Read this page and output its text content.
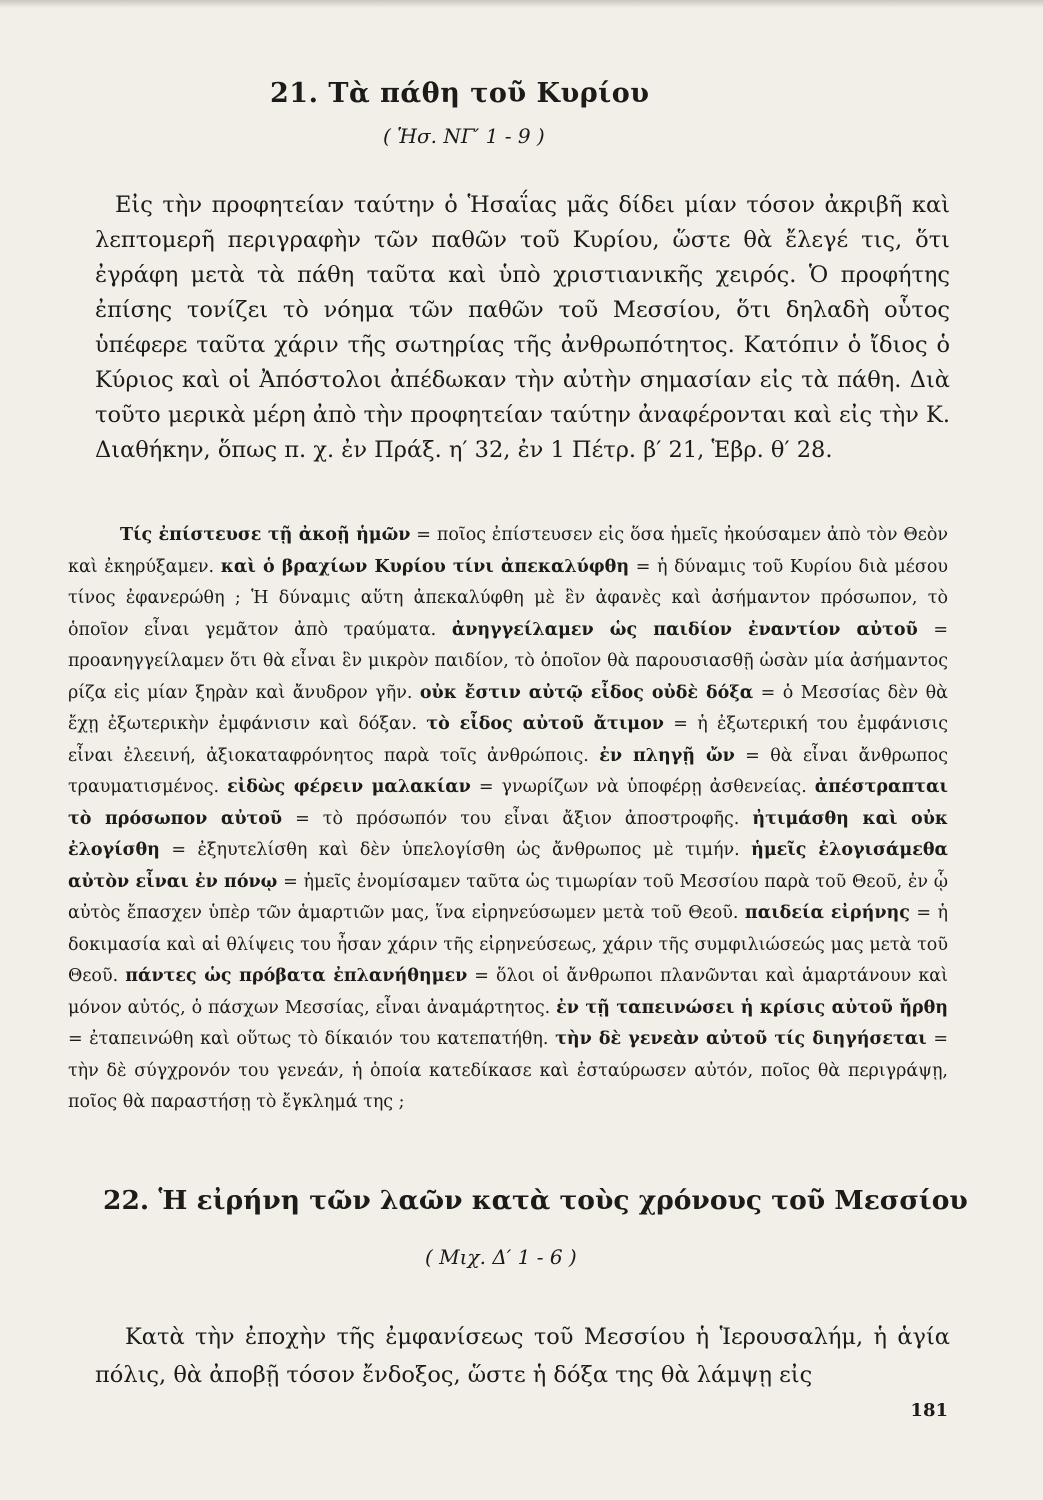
21. Τὰ πάθη τοῦ Κυρίου
( Ἡσ. ΝΓ′ 1 - 9 )

Εἰς τὴν προφητείαν ταύτην ὁ Ἡσαΐας μᾶς δίδει μίαν τόσον ἀκριβῆ καὶ λεπτομερῆ περιγραφὴν τῶν παθῶν τοῦ Κυρίου, ὥστε θὰ ἔλεγέ τις, ὅτι ἐγράφη μετὰ τὰ πάθη ταῦτα καὶ ὑπὸ χριστιανικῆς χειρός. Ὁ προφήτης ἐπίσης τονίζει τὸ νόημα τῶν παθῶν τοῦ Μεσσίου, ὅτι δηλαδὴ οὗτος ὑπέφερε ταῦτα χάριν τῆς σωτηρίας τῆς ἀνθρωπότητος. Κατόπιν ὁ ἴδιος ὁ Κύριος καὶ οἱ Ἀπόστολοι ἀπέδωκαν τὴν αὐτὴν σημασίαν εἰς τὰ πάθη. Διὰ τοῦτο μερικὰ μέρη ἀπὸ τὴν προφητείαν ταύτην ἀναφέρονται καὶ εἰς τὴν Κ. Διαθήκην, ὅπως π. χ. ἐν Πράξ. η′ 32, ἐν 1 Πέτρ. β′ 21, Ἑβρ. θ′ 28.

Τίς ἐπίστευσε τῇ ἀκοῇ ἡμῶν = ποῖος ἐπίστευσεν εἰς ὅσα ἡμεῖς ἠκούσαμεν ἀπὸ τὸν Θεὸν καὶ ἐκηρύξαμεν. καὶ ὁ βραχίων Κυρίου τίνι ἀπεκαλύφθη = ἡ δύναμις τοῦ Κυρίου διὰ μέσου τίνος ἐφανερώθη ; Ἡ δύναμις αὕτη ἀπεκαλύφθη μὲ ἓν ἀφανὲς καὶ ἀσήμαντον πρόσωπον, τὸ ὁποῖον εἶναι γεμᾶτον ἀπὸ τραύματα. ἀνηγγείλαμεν ὡς παιδίον ἐναντίον αὐτοῦ = προανηγγείλαμεν ὅτι θὰ εἶναι ἓν μικρὸν παιδίον, τὸ ὁποῖον θὰ παρουσιασθῇ ὡσὰν μία ἀσήμαντος ρίζα εἰς μίαν ξηρὰν καὶ ἄνυδρον γῆν. οὐκ ἔστιν αὐτῷ εἶδος οὐδὲ δόξα = ὁ Μεσσίας δὲν θὰ ἔχῃ ἐξωτερικὴν ἐμφάνισιν καὶ δόξαν. τὸ εἶδος αὐτοῦ ἄτιμον = ἡ ἐξωτερική του ἐμφάνισις εἶναι ἐλεεινή, ἀξιοκαταφρόνητος παρὰ τοῖς ἀνθρώποις. ἐν πληγῇ ὤν = θὰ εἶναι ἄνθρωπος τραυματισμένος. εἰδὼς φέρειν μαλακίαν = γνωρίζων νὰ ὑποφέρῃ ἀσθενείας. ἀπέστραπται τὸ πρόσωπον αὐτοῦ = τὸ πρόσωπόν του εἶναι ἄξιον ἀποστροφῆς. ἠτιμάσθη καὶ οὐκ ἐλογίσθη = ἐξηυτελίσθη καὶ δὲν ὑπελογίσθη ὡς ἄνθρωπος μὲ τιμήν. ἡμεῖς ἐλογισάμεθα αὐτὸν εἶναι ἐν πόνῳ = ἡμεῖς ἐνομίσαμεν ταῦτα ὡς τιμωρίαν τοῦ Μεσσίου παρὰ τοῦ Θεοῦ, ἐν ᾧ αὐτὸς ἔπασχεν ὑπὲρ τῶν ἁμαρτιῶν μας, ἵνα εἰρηνεύσωμεν μετὰ τοῦ Θεοῦ. παιδεία εἰρήνης = ἡ δοκιμασία καὶ αἱ θλίψεις του ἦσαν χάριν τῆς εἰρηνεύσεως, χάριν τῆς συμφιλιώσεώς μας μετὰ τοῦ Θεοῦ. πάντες ὡς πρόβατα ἐπλανήθημεν = ὅλοι οἱ ἄνθρωποι πλανῶνται καὶ ἁμαρτάνουν καὶ μόνον αὐτός, ὁ πάσχων Μεσσίας, εἶναι ἀναμάρτητος. ἐν τῇ ταπεινώσει ἡ κρίσις αὐτοῦ ἤρθη = ἐταπεινώθη καὶ οὕτως τὸ δίκαιόν του κατεπατήθη. τὴν δὲ γενεὰν αὐτοῦ τίς διηγήσεται = τὴν δὲ σύγχρονόν του γενεάν, ἡ ὁποία κατεδίκασε καὶ ἐσταύρωσεν αὐτόν, ποῖος θὰ περιγράψῃ, ποῖος θὰ παραστήσῃ τὸ ἔγκλημά της ;

22. Ἡ εἰρήνη τῶν λαῶν κατὰ τοὺς χρόνους τοῦ Μεσσίου
( Μιχ. Δ′ 1 - 6 )

Κατὰ τὴν ἐποχὴν τῆς ἐμφανίσεως τοῦ Μεσσίου ἡ Ἱερουσαλήμ, ἡ ἁγία πόλις, θὰ ἀποβῇ τόσον ἔνδοξος, ὥστε ἡ δόξα της θὰ λάμψῃ εἰς

181
